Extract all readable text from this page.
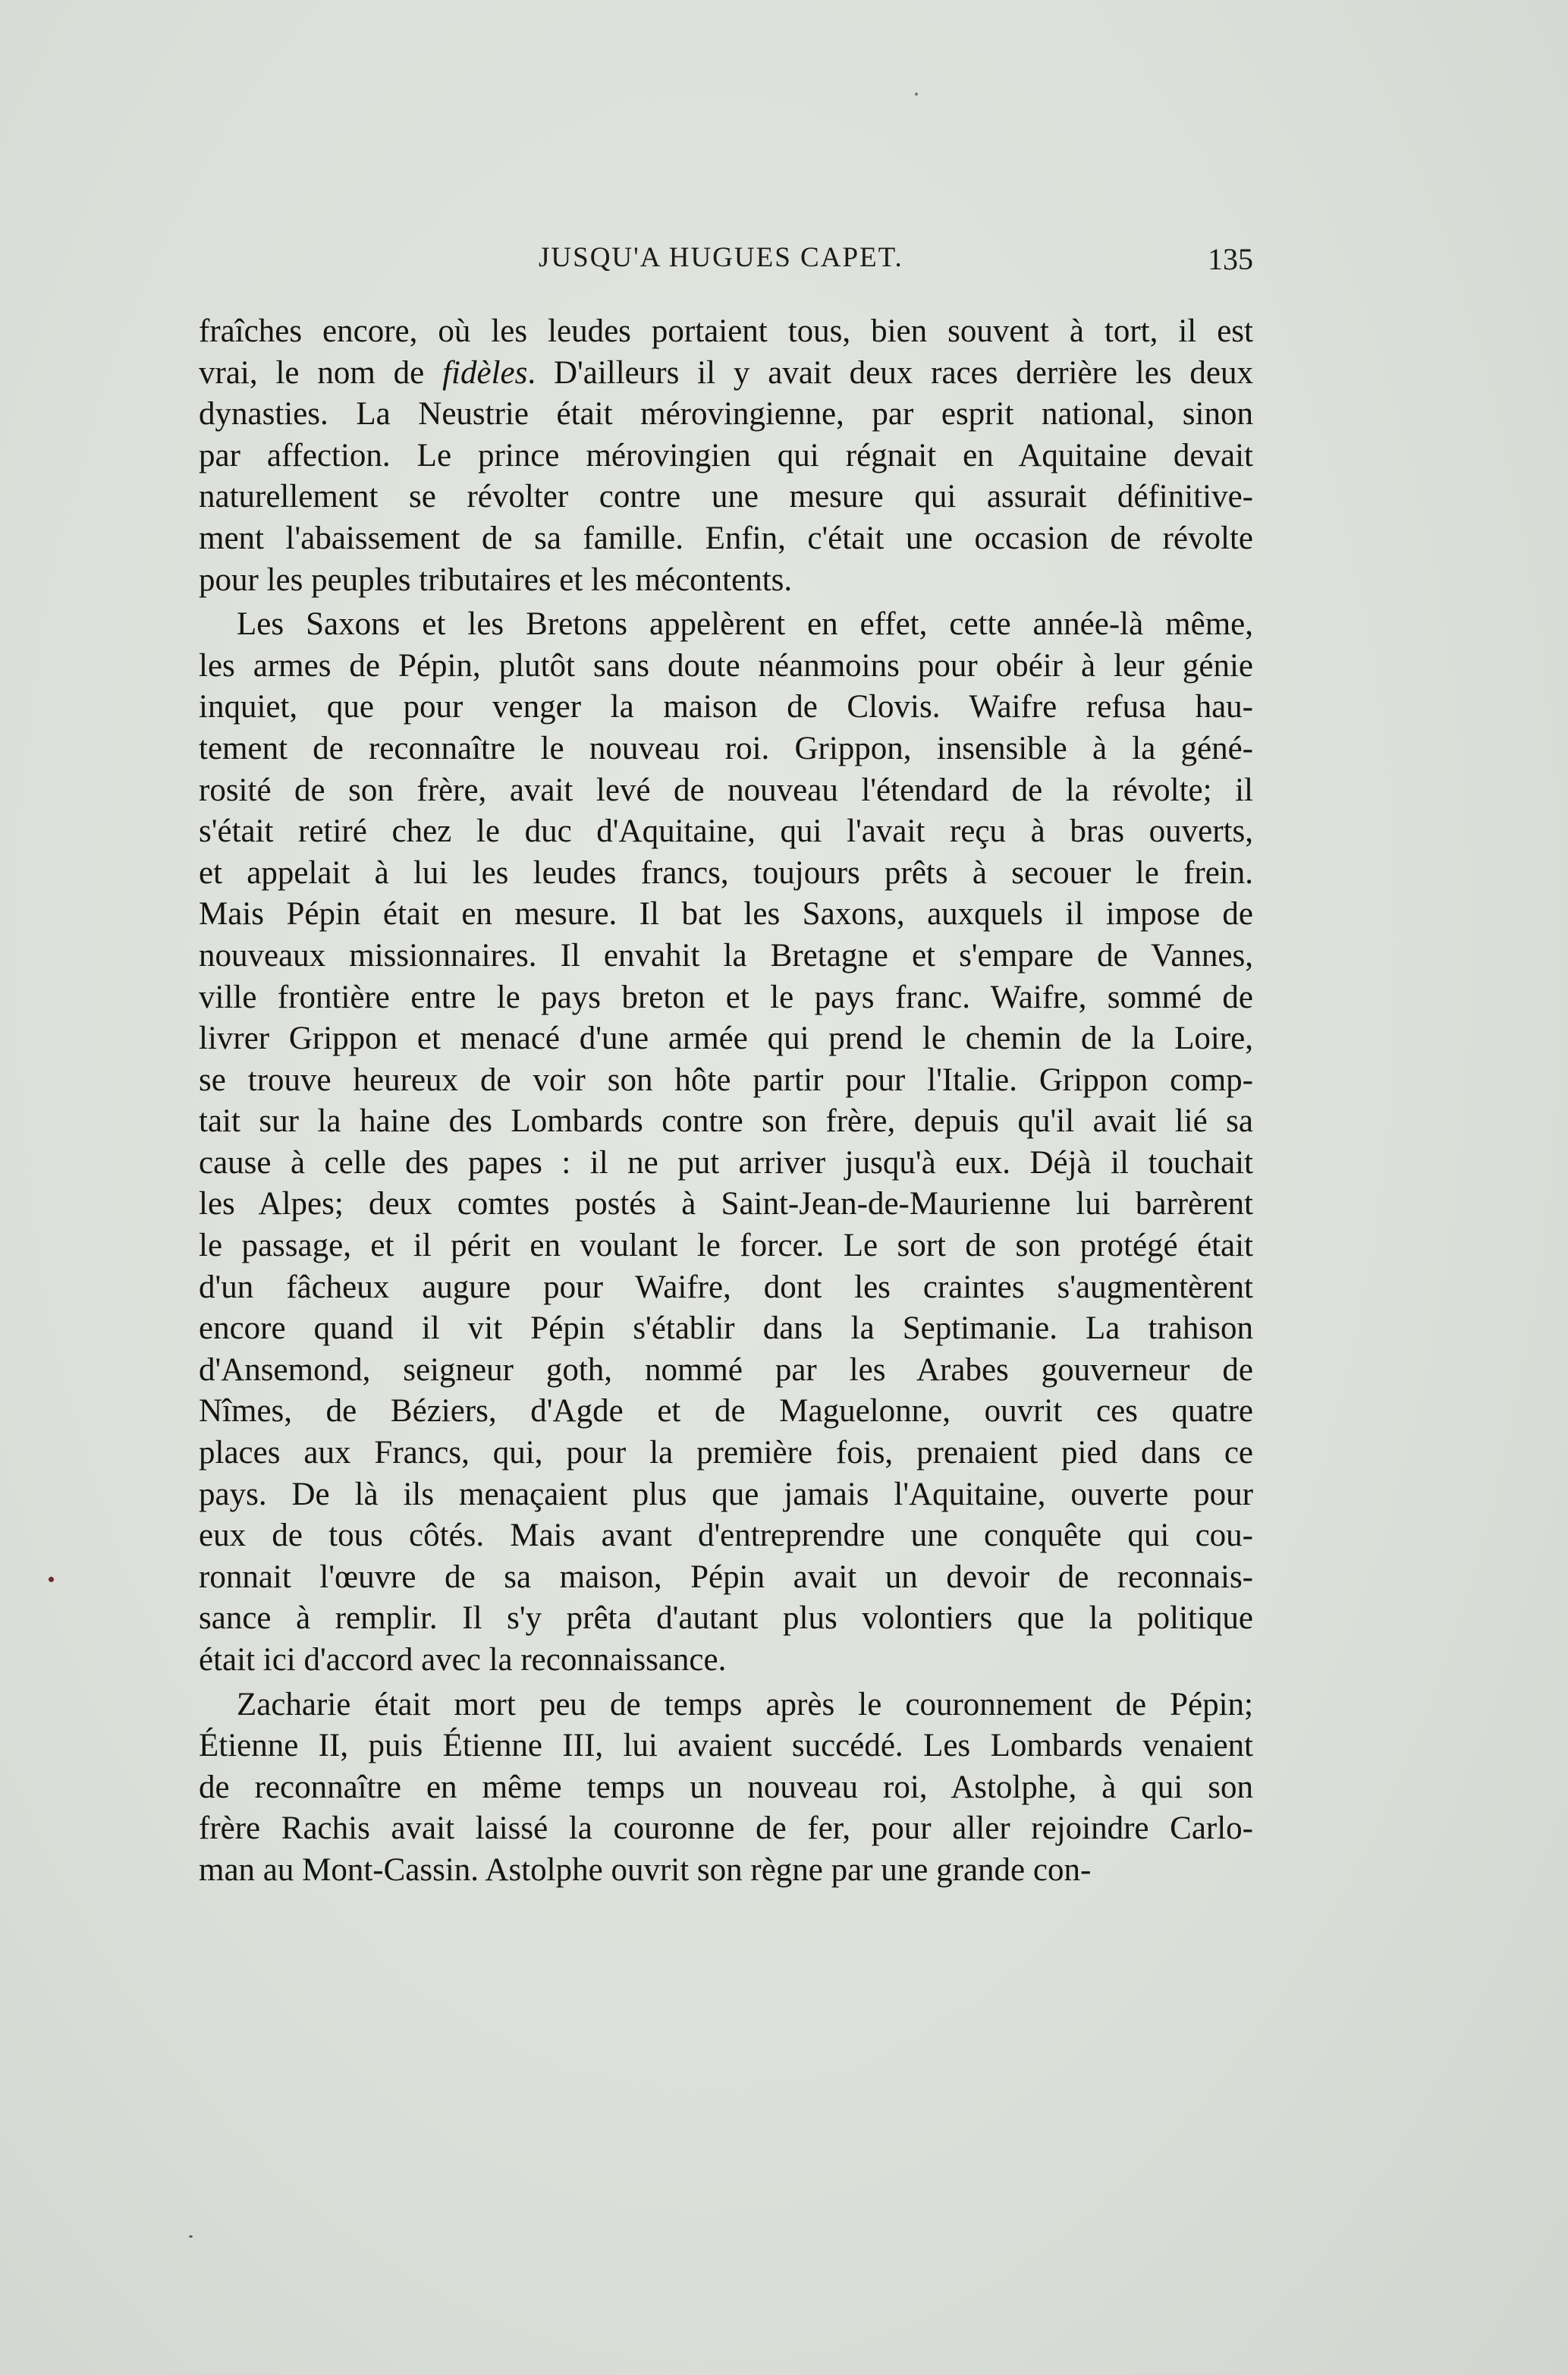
JUSQU'A HUGUES CAPET.	135
fraîches encore, où les leudes portaient tous, bien souvent à tort, il est
vrai, le nom de fidèles. D'ailleurs il y avait deux races derrière les deux
dynasties. La Neustrie était mérovingienne, par esprit national, sinon
par affection. Le prince mérovingien qui régnait en Aquitaine devait
naturellement se révolter contre une mesure qui assurait définitive-
ment l'abaissement de sa famille. Enfin, c'était une occasion de révolte
pour les peuples tributaires et les mécontents.
Les Saxons et les Bretons appelèrent en effet, cette année-là même,
les armes de Pépin, plutôt sans doute néanmoins pour obéir à leur génie
inquiet, que pour venger la maison de Clovis. Waifre refusa hau-
tement de reconnaître le nouveau roi. Grippon, insensible à la géné-
rosité de son frère, avait levé de nouveau l'étendard de la révolte; il
s'était retiré chez le duc d'Aquitaine, qui l'avait reçu à bras ouverts,
et appelait à lui les leudes francs, toujours prêts à secouer le frein.
Mais Pépin était en mesure. Il bat les Saxons, auxquels il impose de
nouveaux missionnaires. Il envahit la Bretagne et s'empare de Vannes,
ville frontière entre le pays breton et le pays franc. Waifre, sommé de
livrer Grippon et menacé d'une armée qui prend le chemin de la Loire,
se trouve heureux de voir son hôte partir pour l'Italie. Grippon comp-
tait sur la haine des Lombards contre son frère, depuis qu'il avait lié sa
cause à celle des papes : il ne put arriver jusqu'à eux. Déjà il touchait
les Alpes; deux comtes postés à Saint-Jean-de-Maurienne lui barrèrent
le passage, et il périt en voulant le forcer. Le sort de son protégé était
d'un fâcheux augure pour Waifre, dont les craintes s'augmentèrent
encore quand il vit Pépin s'établir dans la Septimanie. La trahison
d'Ansemond, seigneur goth, nommé par les Arabes gouverneur de
Nîmes, de Béziers, d'Agde et de Maguelonne, ouvrit ces quatre
places aux Francs, qui, pour la première fois, prenaient pied dans ce
pays. De là ils menaçaient plus que jamais l'Aquitaine, ouverte pour
eux de tous côtés. Mais avant d'entreprendre une conquête qui cou-
ronnait l'œuvre de sa maison, Pépin avait un devoir de reconnais-
sance à remplir. Il s'y prêta d'autant plus volontiers que la politique
était ici d'accord avec la reconnaissance.
Zacharie était mort peu de temps après le couronnement de Pépin;
Étienne II, puis Étienne III, lui avaient succédé. Les Lombards venaient
de reconnaître en même temps un nouveau roi, Astolphe, à qui son
frère Rachis avait laissé la couronne de fer, pour aller rejoindre Carlo-
man au Mont-Cassin. Astolphe ouvrit son règne par une grande con-
